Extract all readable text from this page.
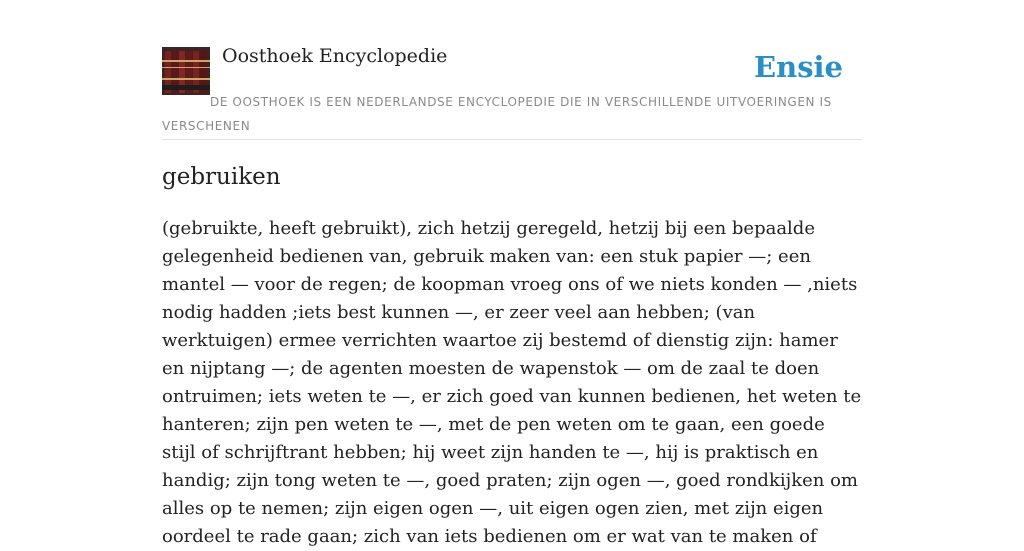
Oosthoek Encyclopedie	Ensie
DE OOSTHOEK IS EEN NEDERLANDSE ENCYCLOPEDIE DIE IN VERSCHILLENDE UITVOERINGEN IS VERSCHENEN
gebruiken

(gebruikte, heeft gebruikt), zich hetzij geregeld, hetzij bij een bepaalde gelegenheid bedienen van, gebruik maken van: een stuk papier —; een mantel — voor de regen; de koopman vroeg ons of we niets konden — ,niets nodig hadden ;iets best kunnen —, er zeer veel aan hebben; (van werktuigen) ermee verrichten waartoe zij bestemd of dienstig zijn: hamer en nijptang —; de agenten moesten de wapenstok — om de zaal te doen ontruimen; iets weten te —, er zich goed van kunnen bedienen, het weten te hanteren; zijn pen weten te —, met de pen weten om te gaan, een goede stijl of schrijftrant hebben; hij weet zijn handen te —, hij is praktisch en handig; zijn tong weten te —, goed praten; zijn ogen —, goed rondkijken om alles op te nemen; zijn eigen ogen —, uit eigen ogen zien, met zijn eigen oordeel te rade gaan; zich van iets bedienen om er wat van te maken of
